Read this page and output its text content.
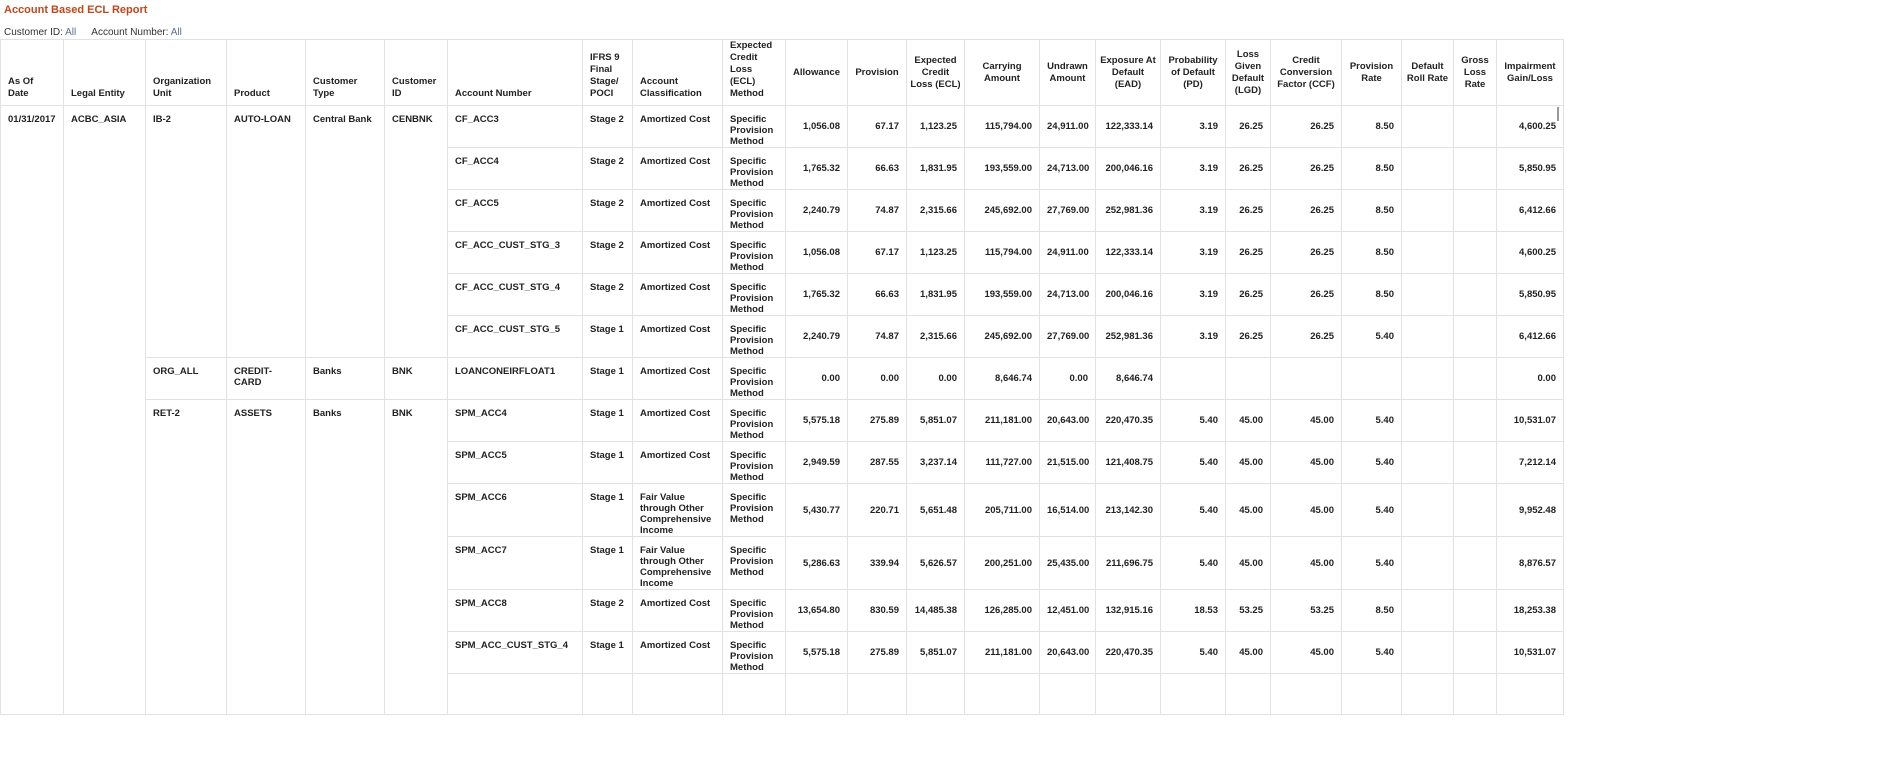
Account Based ECL Report
Customer ID: All Account Number: All
As Of Date	Legal Entity	Organization Unit	Product	Customer Type	Customer ID	Account Number	IFRS 9 Final Stage/ POCI	Account Classification	Expected Credit Loss (ECL) Method	Allowance	Provision	Expected Credit Loss (ECL)	Carrying Amount	Undrawn Amount	Exposure At Default (EAD)	Probability of Default (PD)	Loss Given Default (LGD)	Credit Conversion Factor (CCF)	Provision Rate	Default Roll Rate	Gross Loss Rate	Impairment Gain/Loss
01/31/2017	ACBC_ASIA	IB-2	AUTO-LOAN	Central Bank	CENBNK	CF_ACC3	Stage 2	Amortized Cost	Specific Provision Method	1,056.08	67.17	1,123.25	115,794.00	24,911.00	122,333.14	3.19	26.25	26.25	8.50			4,600.25
						CF_ACC4	Stage 2	Amortized Cost	Specific Provision Method	1,765.32	66.63	1,831.95	193,559.00	24,713.00	200,046.16	3.19	26.25	26.25	8.50			5,850.95
						CF_ACC5	Stage 2	Amortized Cost	Specific Provision Method	2,240.79	74.87	2,315.66	245,692.00	27,769.00	252,981.36	3.19	26.25	26.25	8.50			6,412.66
						CF_ACC_CUST_STG_3	Stage 2	Amortized Cost	Specific Provision Method	1,056.08	67.17	1,123.25	115,794.00	24,911.00	122,333.14	3.19	26.25	26.25	8.50			4,600.25
						CF_ACC_CUST_STG_4	Stage 2	Amortized Cost	Specific Provision Method	1,765.32	66.63	1,831.95	193,559.00	24,713.00	200,046.16	3.19	26.25	26.25	8.50			5,850.95
						CF_ACC_CUST_STG_5	Stage 1	Amortized Cost	Specific Provision Method	2,240.79	74.87	2,315.66	245,692.00	27,769.00	252,981.36	3.19	26.25	26.25	5.40			6,412.66
		ORG_ALL	CREDIT-CARD	Banks	BNK	LOANCONEIRFLOAT1	Stage 1	Amortized Cost	Specific Provision Method	0.00	0.00	0.00	8,646.74	0.00	8,646.74							0.00
		RET-2	ASSETS	Banks	BNK	SPM_ACC4	Stage 1	Amortized Cost	Specific Provision Method	5,575.18	275.89	5,851.07	211,181.00	20,643.00	220,470.35	5.40	45.00	45.00	5.40			10,531.07
						SPM_ACC5	Stage 1	Amortized Cost	Specific Provision Method	2,949.59	287.55	3,237.14	111,727.00	21,515.00	121,408.75	5.40	45.00	45.00	5.40			7,212.14
						SPM_ACC6	Stage 1	Fair Value through Other Comprehensive Income	Specific Provision Method	5,430.77	220.71	5,651.48	205,711.00	16,514.00	213,142.30	5.40	45.00	45.00	5.40			9,952.48
						SPM_ACC7	Stage 1	Fair Value through Other Comprehensive Income	Specific Provision Method	5,286.63	339.94	5,626.57	200,251.00	25,435.00	211,696.75	5.40	45.00	45.00	5.40			8,876.57
						SPM_ACC8	Stage 2	Amortized Cost	Specific Provision Method	13,654.80	830.59	14,485.38	126,285.00	12,451.00	132,915.16	18.53	53.25	53.25	8.50			18,253.38
						SPM_ACC_CUST_STG_4	Stage 1	Amortized Cost	Specific Provision Method	5,575.18	275.89	5,851.07	211,181.00	20,643.00	220,470.35	5.40	45.00	45.00	5.40			10,531.07
